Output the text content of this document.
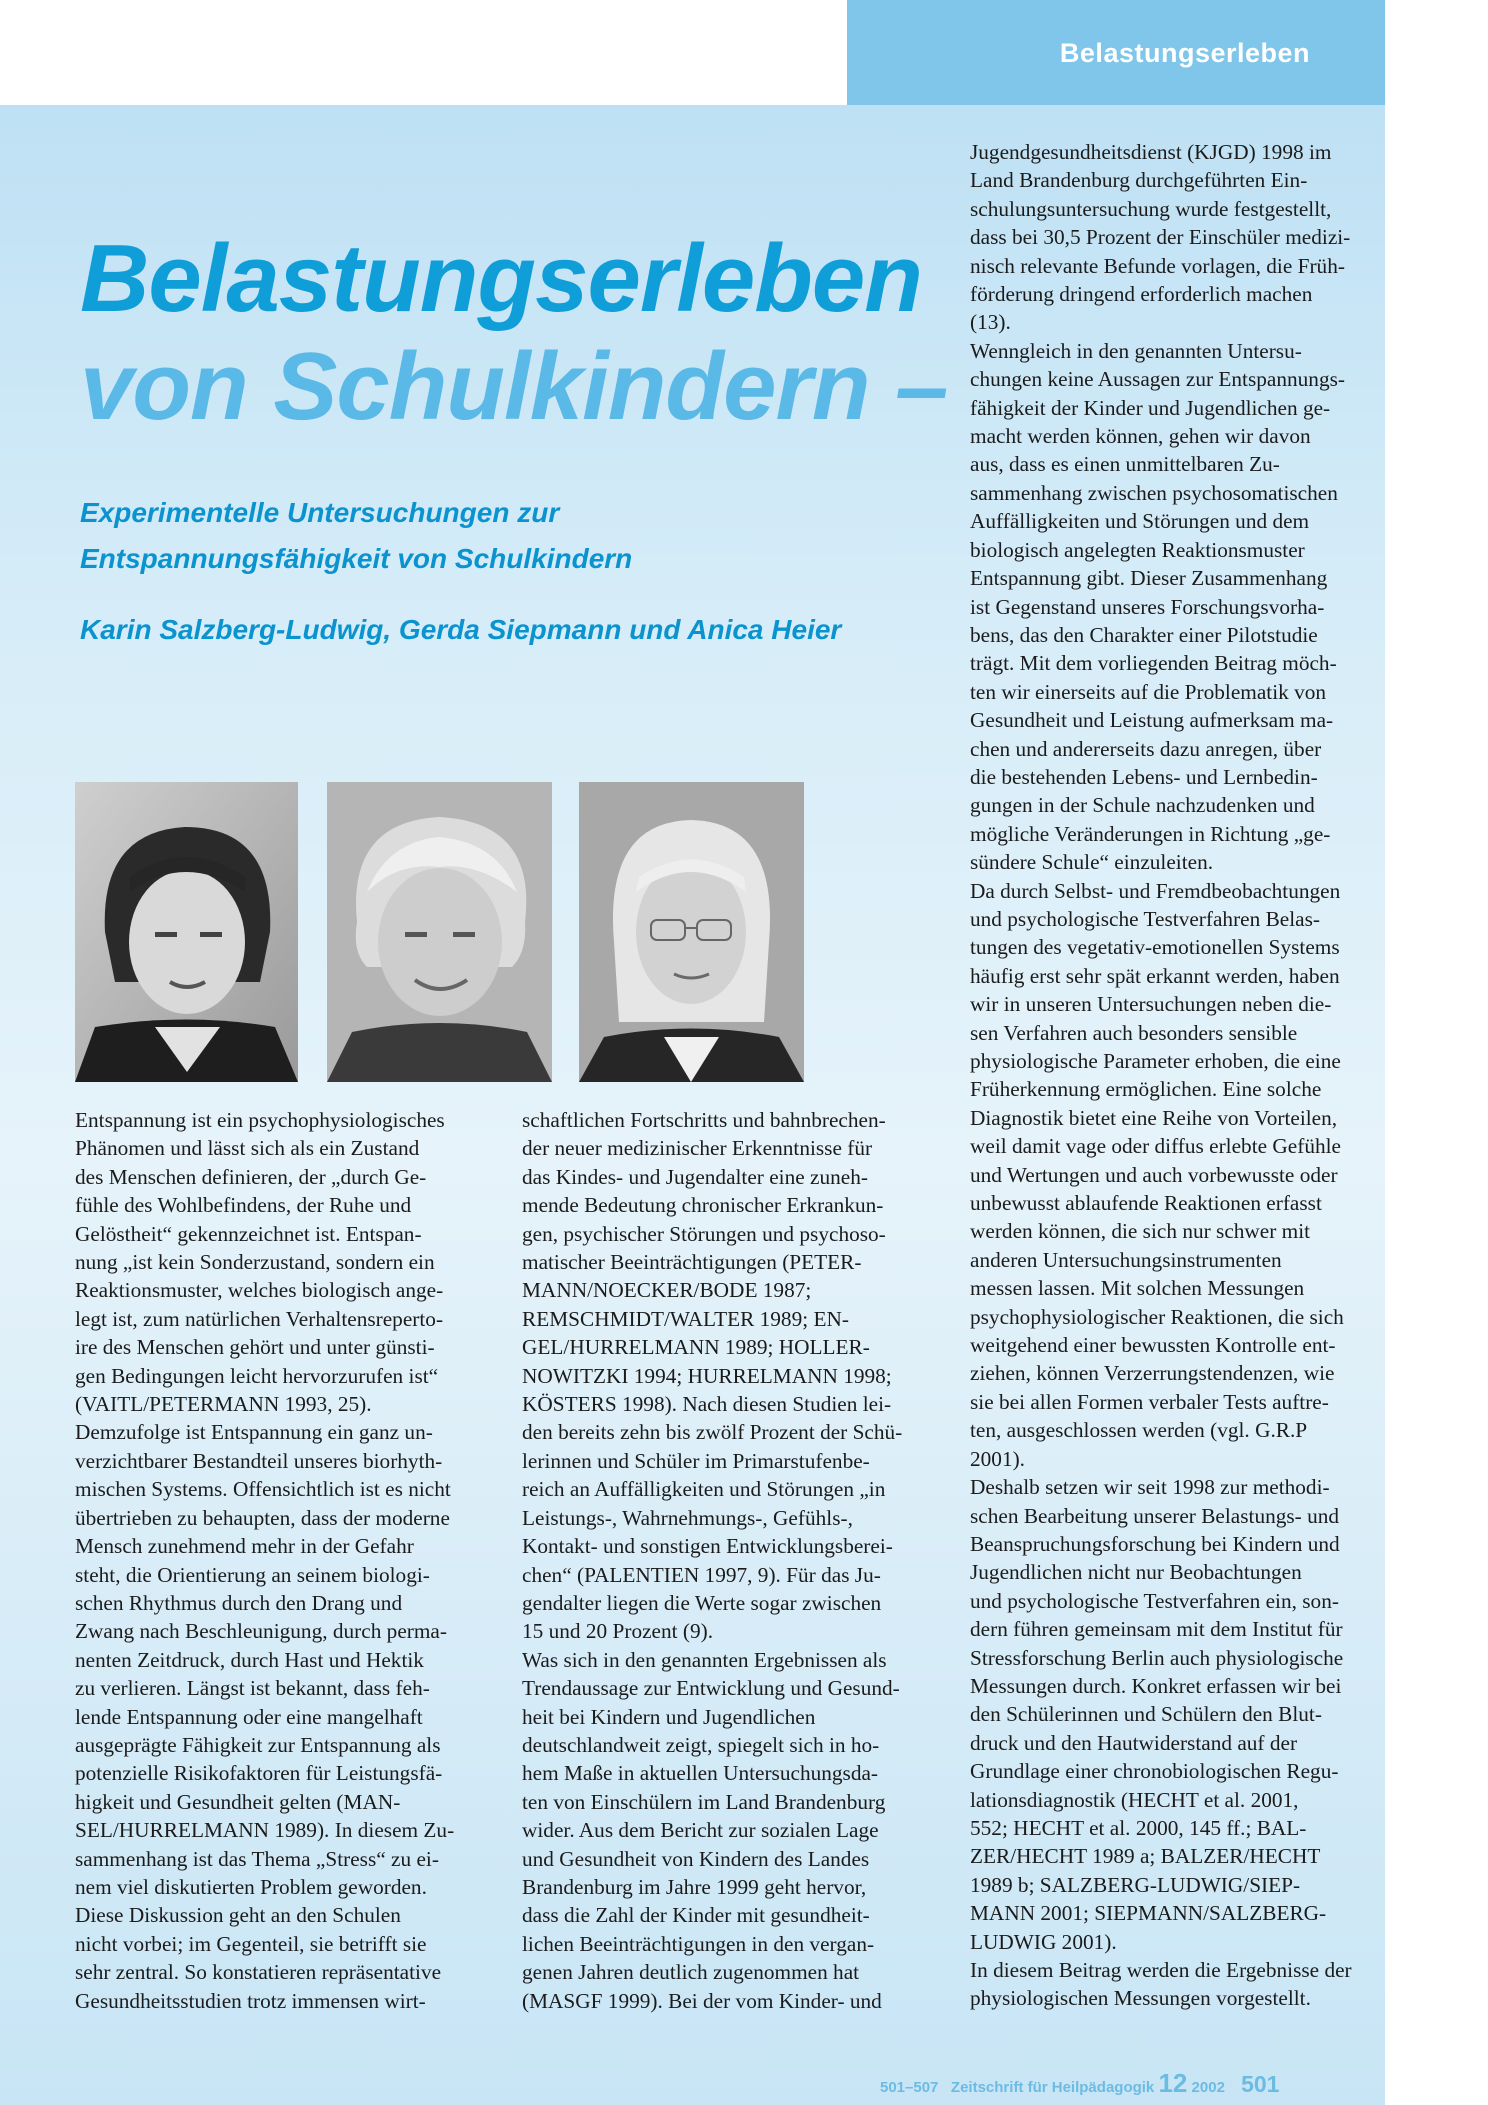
Belastungserleben
Belastungserleben
von Schulkindern –
Experimentelle Untersuchungen zur
Entspannungsfähigkeit von Schulkindern

Karin Salzberg-Ludwig, Gerda Siepmann und Anica Heier

Entspannung ist ein psychophysiologisches

Phänomen und lässt sich als ein Zustand

des Menschen definieren, der „durch Ge-

fühle des Wohlbefindens, der Ruhe und

Gelöstheit“ gekennzeichnet ist. Entspan-

nung „ist kein Sonderzustand, sondern ein

Reaktionsmuster, welches biologisch ange-

legt ist, zum natürlichen Verhaltensreperto-

ire des Menschen gehört und unter günsti-

gen Bedingungen leicht hervorzurufen ist“

(VAITL/PETERMANN 1993, 25).

Demzufolge ist Entspannung ein ganz un-

verzichtbarer Bestandteil unseres biorhyth-

mischen Systems. Offensichtlich ist es nicht

übertrieben zu behaupten, dass der moderne

Mensch zunehmend mehr in der Gefahr

steht, die Orientierung an seinem biologi-

schen Rhythmus durch den Drang und

Zwang nach Beschleunigung, durch perma-

nenten Zeitdruck, durch Hast und Hektik

zu verlieren. Längst ist bekannt, dass feh-

lende Entspannung oder eine mangelhaft

ausgeprägte Fähigkeit zur Entspannung als

potenzielle Risikofaktoren für Leistungsfä-

higkeit und Gesundheit gelten (MAN-

SEL/HURRELMANN 1989). In diesem Zu-

sammenhang ist das Thema „Stress“ zu ei-

nem viel diskutierten Problem geworden.

Diese Diskussion geht an den Schulen

nicht vorbei; im Gegenteil, sie betrifft sie

sehr zentral. So konstatieren repräsentative

Gesundheitsstudien trotz immensen wirt-

schaftlichen Fortschritts und bahnbrechen-

der neuer medizinischer Erkenntnisse für

das Kindes- und Jugendalter eine zuneh-

mende Bedeutung chronischer Erkrankun-

gen, psychischer Störungen und psychoso-

matischer Beeinträchtigungen (PETER-

MANN/NOECKER/BODE 1987;

REMSCHMIDT/WALTER 1989; EN-

GEL/HURRELMANN 1989; HOLLER-

NOWITZKI 1994; HURRELMANN 1998;

KÖSTERS 1998). Nach diesen Studien lei-

den bereits zehn bis zwölf Prozent der Schü-

lerinnen und Schüler im Primarstufenbe-

reich an Auffälligkeiten und Störungen „in

Leistungs-, Wahrnehmungs-, Gefühls-,

Kontakt- und sonstigen Entwicklungsberei-

chen“ (PALENTIEN 1997, 9). Für das Ju-

gendalter liegen die Werte sogar zwischen

15 und 20 Prozent (9).

Was sich in den genannten Ergebnissen als

Trendaussage zur Entwicklung und Gesund-

heit bei Kindern und Jugendlichen

deutschlandweit zeigt, spiegelt sich in ho-

hem Maße in aktuellen Untersuchungsda-

ten von Einschülern im Land Brandenburg

wider. Aus dem Bericht zur sozialen Lage

und Gesundheit von Kindern des Landes

Brandenburg im Jahre 1999 geht hervor,

dass die Zahl der Kinder mit gesundheit-

lichen Beeinträchtigungen in den vergan-

genen Jahren deutlich zugenommen hat

(MASGF 1999). Bei der vom Kinder- und

Jugendgesundheitsdienst (KJGD) 1998 im

Land Brandenburg durchgeführten Ein-

schulungsuntersuchung wurde festgestellt,

dass bei 30,5 Prozent der Einschüler medizi-

nisch relevante Befunde vorlagen, die Früh-

förderung dringend erforderlich machen

(13).

Wenngleich in den genannten Untersu-

chungen keine Aussagen zur Entspannungs-

fähigkeit der Kinder und Jugendlichen ge-

macht werden können, gehen wir davon

aus, dass es einen unmittelbaren Zu-

sammenhang zwischen psychosomatischen

Auffälligkeiten und Störungen und dem

biologisch angelegten Reaktionsmuster

Entspannung gibt. Dieser Zusammenhang

ist Gegenstand unseres Forschungsvorha-

bens, das den Charakter einer Pilotstudie

trägt. Mit dem vorliegenden Beitrag möch-

ten wir einerseits auf die Problematik von

Gesundheit und Leistung aufmerksam ma-

chen und andererseits dazu anregen, über

die bestehenden Lebens- und Lernbedin-

gungen in der Schule nachzudenken und

mögliche Veränderungen in Richtung „ge-

sündere Schule“ einzuleiten.

Da durch Selbst- und Fremdbeobachtungen

und psychologische Testverfahren Belas-

tungen des vegetativ-emotionellen Systems

häufig erst sehr spät erkannt werden, haben

wir in unseren Untersuchungen neben die-

sen Verfahren auch besonders sensible

physiologische Parameter erhoben, die eine

Früherkennung ermöglichen. Eine solche

Diagnostik bietet eine Reihe von Vorteilen,

weil damit vage oder diffus erlebte Gefühle

und Wertungen und auch vorbewusste oder

unbewusst ablaufende Reaktionen erfasst

werden können, die sich nur schwer mit

anderen Untersuchungsinstrumenten

messen lassen. Mit solchen Messungen

psychophysiologischer Reaktionen, die sich

weitgehend einer bewussten Kontrolle ent-

ziehen, können Verzerrungstendenzen, wie

sie bei allen Formen verbaler Tests auftre-

ten, ausgeschlossen werden (vgl. G.R.P

2001).

Deshalb setzen wir seit 1998 zur methodi-

schen Bearbeitung unserer Belastungs- und

Beanspruchungsforschung bei Kindern und

Jugendlichen nicht nur Beobachtungen

und psychologische Testverfahren ein, son-

dern führen gemeinsam mit dem Institut für

Stressforschung Berlin auch physiologische

Messungen durch. Konkret erfassen wir bei

den Schülerinnen und Schülern den Blut-

druck und den Hautwiderstand auf der

Grundlage einer chronobiologischen Regu-

lationsdiagnostik (HECHT et al. 2001,

552; HECHT et al. 2000, 145 ff.; BAL-

ZER/HECHT 1989 a; BALZER/HECHT

1989 b; SALZBERG-LUDWIG/SIEP-

MANN 2001; SIEPMANN/SALZBERG-

LUDWIG 2001).

In diesem Beitrag werden die Ergebnisse der

physiologischen Messungen vorgestellt.

501–507 Zeitschrift für Heilpädagogik 12 2002 501
